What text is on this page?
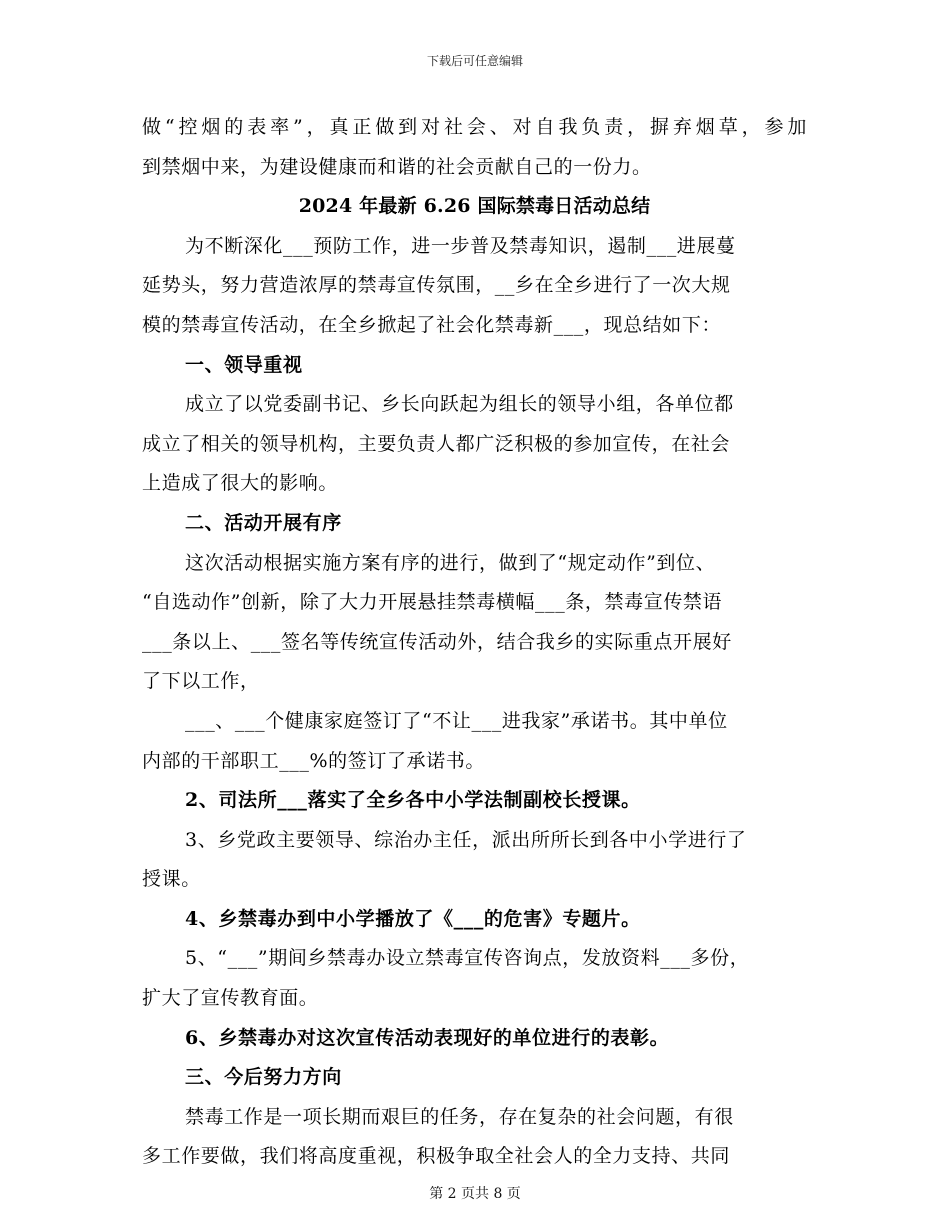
下载后可任意编辑
做“控烟的表率”，真正做到对社会、对自我负责，摒弃烟草，参加
到禁烟中来，为建设健康而和谐的社会贡献自己的一份力。
2024 年最新 6.26 国际禁毒日活动总结
为不断深化___预防工作，进一步普及禁毒知识，遏制___进展蔓
延势头，努力营造浓厚的禁毒宣传氛围，__乡在全乡进行了一次大规
模的禁毒宣传活动，在全乡掀起了社会化禁毒新___，现总结如下：
一、领导重视
成立了以党委副书记、乡长向跃起为组长的领导小组，各单位都
成立了相关的领导机构，主要负责人都广泛积极的参加宣传，在社会
上造成了很大的影响。
二、活动开展有序
这次活动根据实施方案有序的进行，做到了“规定动作”到位、
“自选动作”创新，除了大力开展悬挂禁毒横幅___条，禁毒宣传禁语
___条以上、___签名等传统宣传活动外，结合我乡的实际重点开展好
了下以工作，
___、___个健康家庭签订了“不让___进我家”承诺书。其中单位
内部的干部职工___%的签订了承诺书。
2、司法所___落实了全乡各中小学法制副校长授课。
3、乡党政主要领导、综治办主任，派出所所长到各中小学进行了
授课。
4、乡禁毒办到中小学播放了《___的危害》专题片。
5、“___”期间乡禁毒办设立禁毒宣传咨询点，发放资料___多份，
扩大了宣传教育面。
6、乡禁毒办对这次宣传活动表现好的单位进行的表彰。
三、今后努力方向
禁毒工作是一项长期而艰巨的任务，存在复杂的社会问题，有很
多工作要做，我们将高度重视，积极争取全社会人的全力支持、共同
第 2 页共 8 页
